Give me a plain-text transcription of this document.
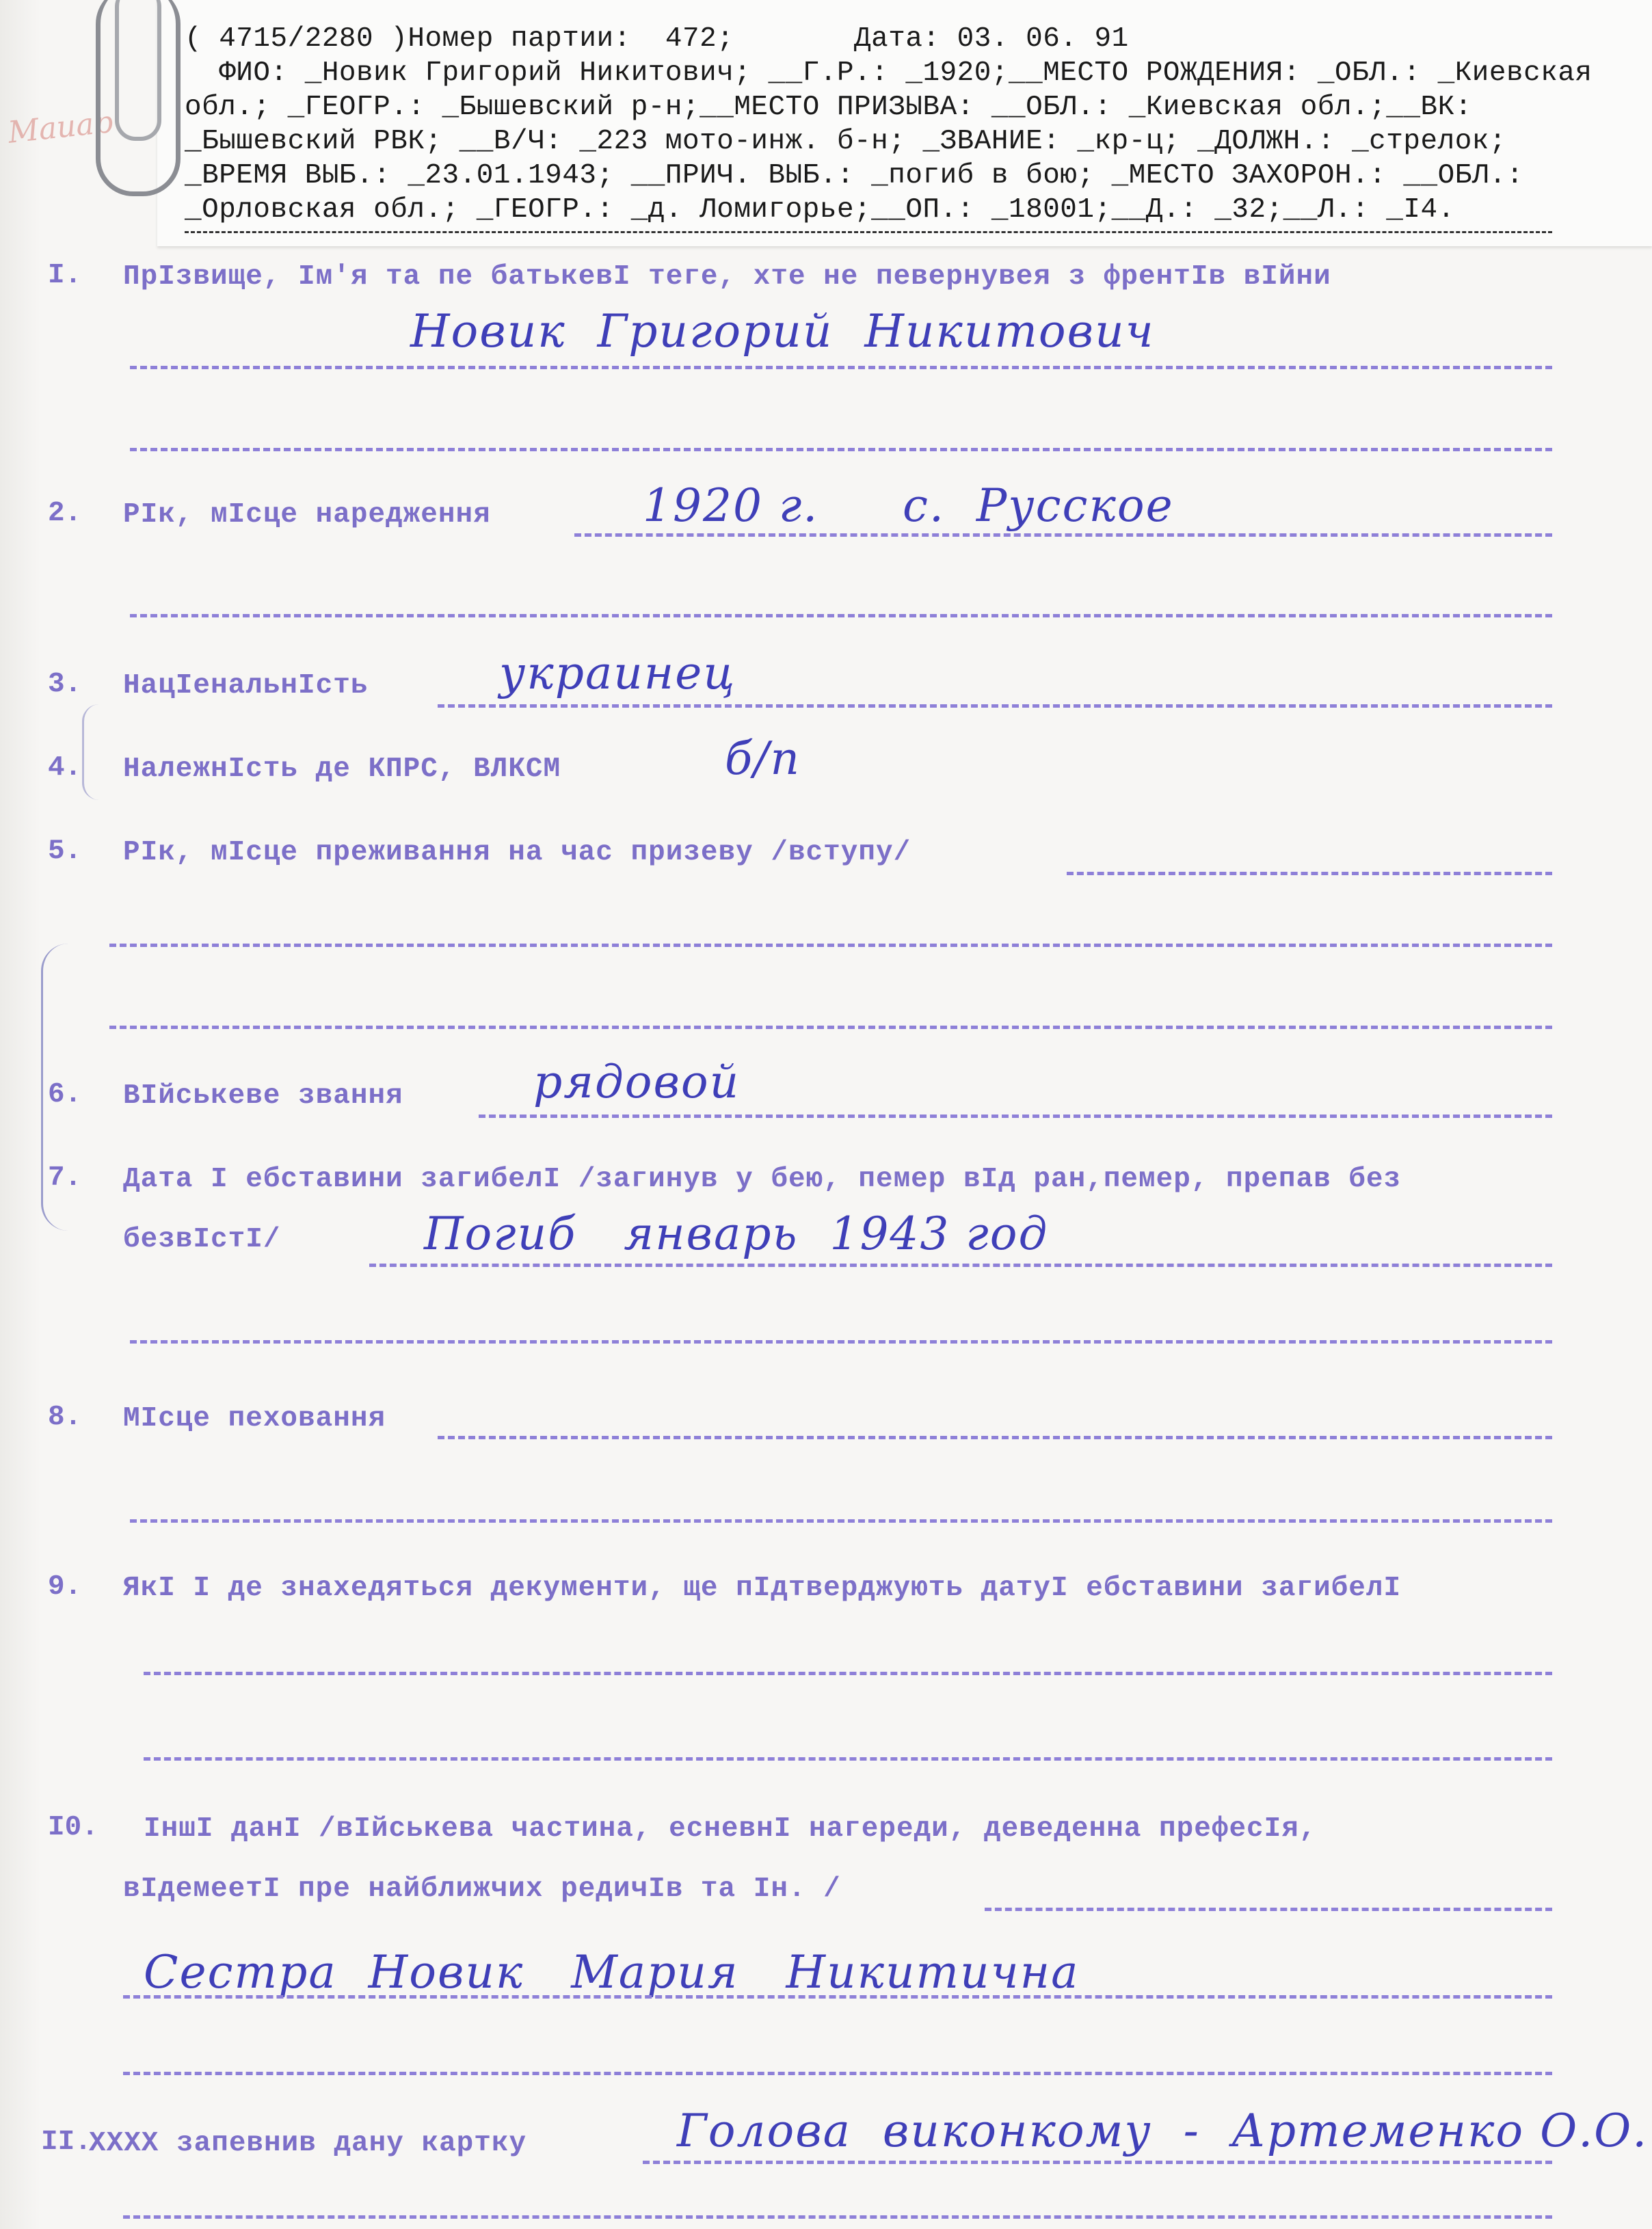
Маиар
( 4715/2280 )Номер партии:  472;       Дата: 03. 06. 91
ФИО: _Новик Григорий Никитович; __Г.Р.: _1920;__МЕСТО РОЖДЕНИЯ: _ОБЛ.: _Киевская
обл.; _ГЕОГР.: _Бышевский р-н;__МЕСТО ПРИЗЫВА: __ОБЛ.: _Киевская обл.;__ВК:
_Бышевский РВК; __В/Ч: _223 мото-инж. б-н; _ЗВАНИЕ: _кр-ц; _ДОЛЖН.: _стрелок;
_ВРЕМЯ ВЫБ.: _23.01.1943; __ПРИЧ. ВЫБ.: _погиб в бою; _МЕСТО ЗАХОРОН.: __ОБЛ.:
_Орловская обл.; _ГЕОГР.: _д. Ломигорье;__ОП.: _18001;__Д.: _32;__Л.: _I4.
I. ПрІзвище, Ім'я та пе батькевІ тегe, хте не певернувея з френтІв вІйни
Новик  Григорий  Никитович
2. РІк, мІсце нареджeння	1920 г. с.  Русское
3. НацІенальнІсть	украинец
4. НалежнІсть де КПРС, ВЛКСМ	б/п
5. РІк, мІсце преживання на час призеву /вступу/
6. ВІйськеве звання	рядовой
7. Дата I ебставини загибелI /загинув у бею, пемер вIд ран,пемер, препав без
безвІстІ/	Погиб   январь  1943 год
8. МІсце пеховання
9. ЯкІ I де знахедяться декументи, ще пІдтверджують датуI ебставини загибелI
I0. IншI данI /вIйськева частина, еснeвнI нагереди, деведенна префесIя,
вIдемеетI пре найближчих редичIв та Iн. /
Сестра  Новик   Мария   Никитична
II.
ХХХХ запевнив дану картку	Голова  виконкому  -  Артеменко О.О.
